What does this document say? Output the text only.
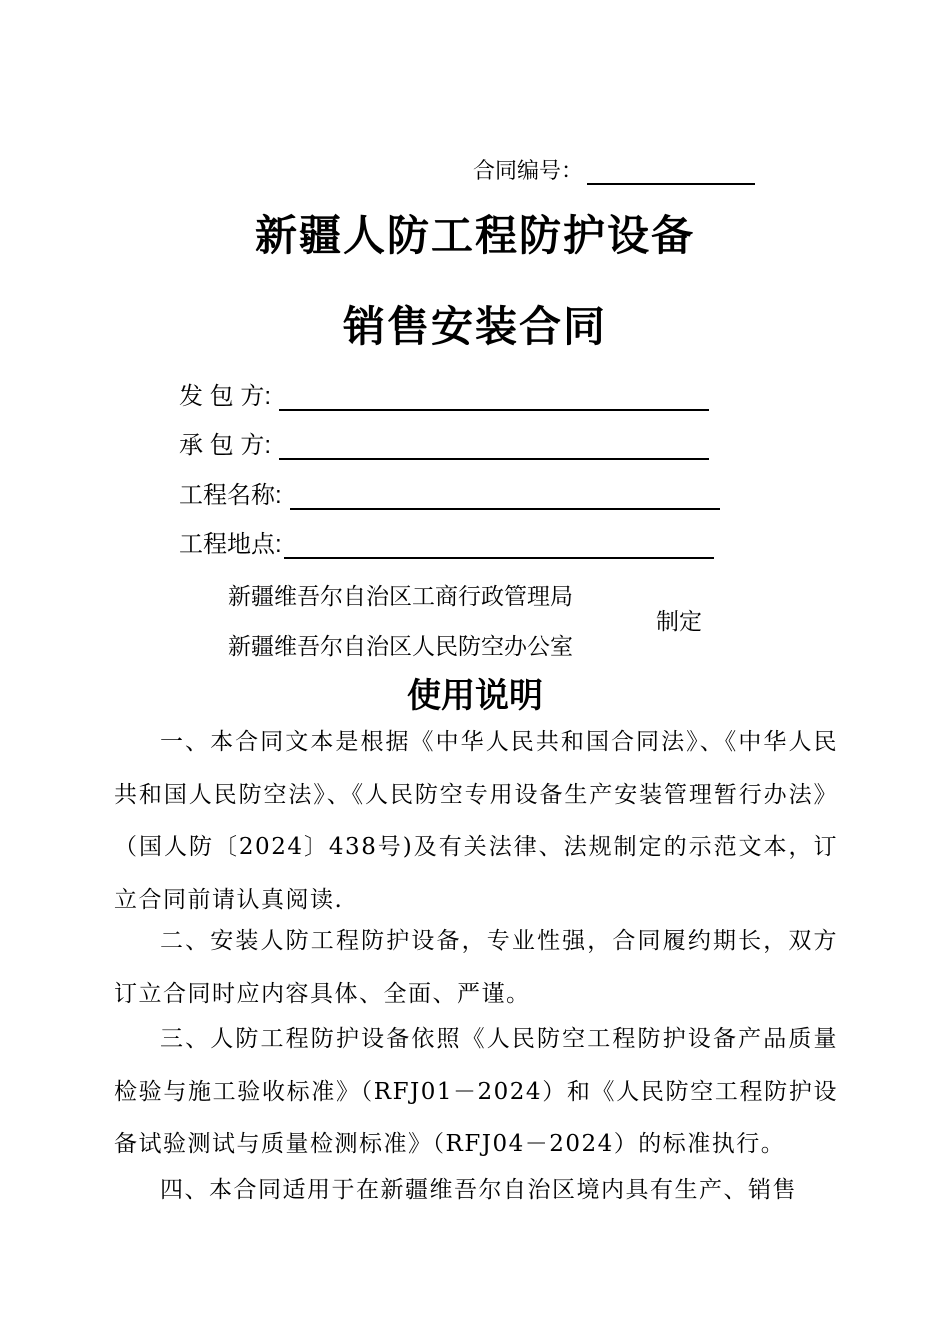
合同编号：
新疆人防工程防护设备
销售安装合同
发 包 方:
承 包 方:
工程名称:
工程地点:
新疆维吾尔自治区工商行政管理局
新疆维吾尔自治区人民防空办公室
制定
使用说明

一、本合同文本是根据《中华人民共和国合同法》、《中华人民共和国人民防空法》、《人民防空专用设备生产安装管理暂行办法》（国人防〔2024〕438号)及有关法律、法规制定的示范文本，订立合同前请认真阅读.

二、安装人防工程防护设备，专业性强，合同履约期长，双方订立合同时应内容具体、全面、严谨。

三、人防工程防护设备依照《人民防空工程防护设备产品质量检验与施工验收标准》（RFJ01－2024）和《人民防空工程防护设备试验测试与质量检测标准》（RFJ04－2024）的标准执行。

四、本合同适用于在新疆维吾尔自治区境内具有生产、销售
